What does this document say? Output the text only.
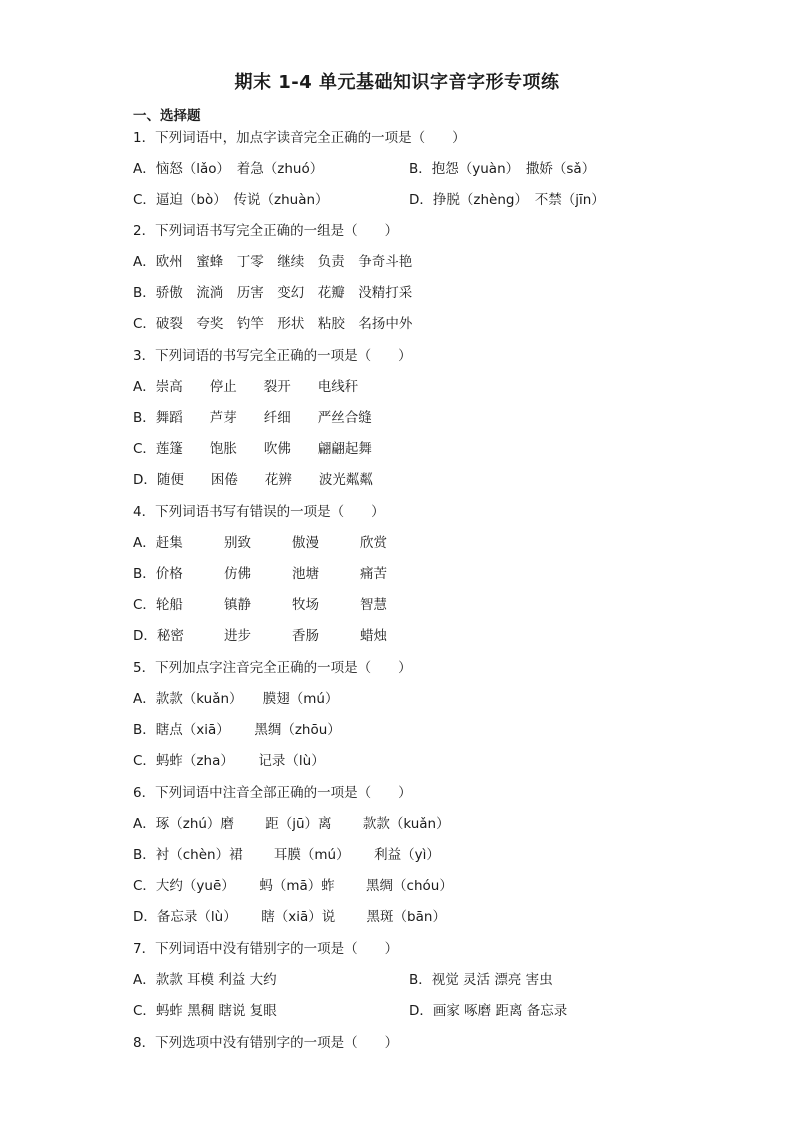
期末 1-4 单元基础知识字音字形专项练
一、选择题
1．下列词语中，加点字读音完全正确的一项是（　　）
A．恼怒（lǎo）　着急（zhuó）	B．抱怨（yuàn）　撒娇（sǎ）
C．逼迫（bò）　传说（zhuàn）	D．挣脱（zhèng）　不禁（jīn）
2．下列词语书写完全正确的一组是（　　）
A．欧州　蜜蜂　丁零　继续　负责　争奇斗艳
B．骄傲　流淌　历害　变幻　花瓣　没精打采
C．破裂　夸奖　钓竿　形状　粘胶　名扬中外
3．下列词语的书写完全正确的一项是（　　）
A．崇高　　停止　　裂开　　电线秆
B．舞蹈　　芦芽　　纤细　　严丝合缝
C．莲篷　　饱胀　　吹佛　　翩翩起舞
D．随便　　困倦　　花辨　　波光粼粼
4．下列词语书写有错误的一项是（　　）
A．赶集	别致	傲漫	欣赏
B．价格	仿佛	池塘	痛苦
C．轮船	镇静	牧场	智慧
D．秘密	进步	香肠	蜡烛
5．下列加点字注音完全正确的一项是（　　）
A．款款（kuǎn）　　膜翅（mú）
B．瞎点（xiā）　　 黑绸（zhōu）
C．蚂蚱（zha）　　 记录（lù）
6．下列词语中注音全部正确的一项是（　　）
A．琢（zhú）磨　　 距（jū）离　　 款款（kuǎn）
B．衬（chèn）裙　　 耳膜（mú）　　 利益（yì）
C．大约（yuē）　　 蚂（mā）蚱　　 黑绸（chóu）
D．备忘录（lù）　　 瞎（xiā）说　　 黑斑（bān）
7．下列词语中没有错别字的一项是（　　）
A．款款 耳模 利益 大约	B．视觉 灵活 漂亮 害虫
C．蚂蚱 黑稠 瞎说 复眼	D．画家 啄磨 距离 备忘录
8．下列选项中没有错别字的一项是（　　）
